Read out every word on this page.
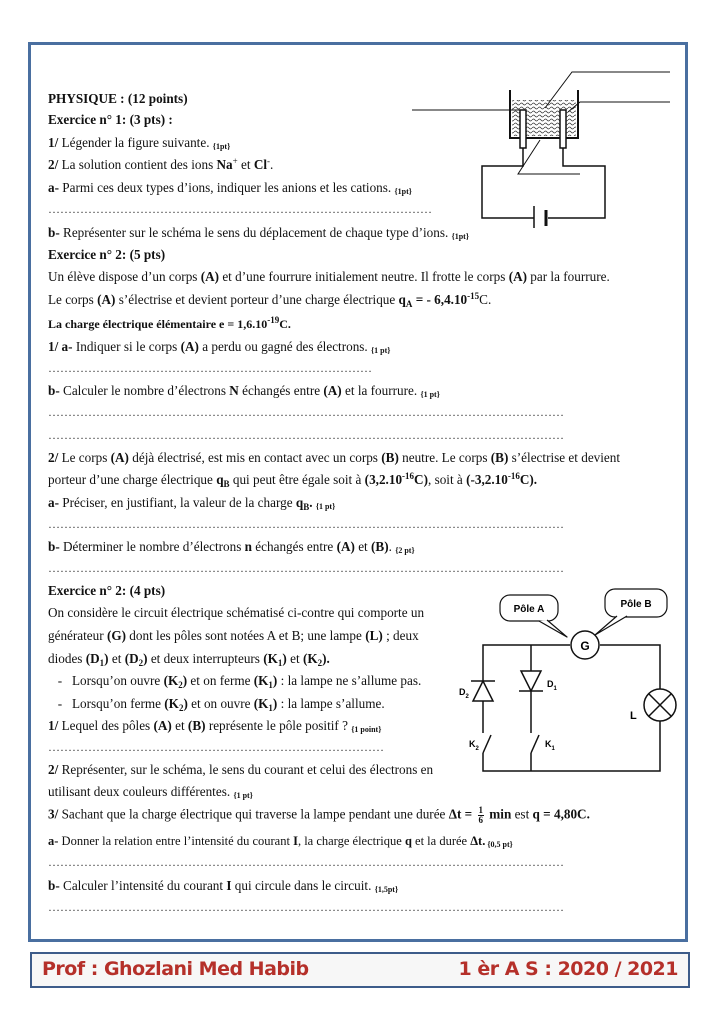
PHYSIQUE : (12 points)
Exercice n° 1: (3 pts) :
1/ Légender la figure suivante. {1pt}
2/ La solution contient des ions Na+ et Cl-.
a- Parmi ces deux types d’ions, indiquer les anions et les cations. {1pt}
……………………………………………………………………………………
b- Représenter sur le schéma le sens du déplacement de chaque type d’ions. {1pt}
Exercice n° 2: (5 pts)
Un élève dispose d’un corps (A) et d’une fourrure initialement neutre. Il frotte le corps (A) par la fourrure.
Le corps (A) s’électrise et devient porteur d’une charge électrique $q_A$ = - $6,4.10^{-15}C$.
La charge électrique élémentaire $e = 1,6.10^{-19}C$.
1/ a- Indiquer si le corps (A) a perdu ou gagné des électrons. {1 pt}
………………………………………………………………………
b- Calculer le nombre d’électrons N échangés entre (A) et la fourrure. {1 pt}
…………………………………………………………………………………………………………………
…………………………………………………………………………………………………………………
2/ Le corps (A) déjà électrisé, est mis en contact avec un corps (B) neutre. Le corps (B) s’électrise et devient
porteur d’une charge électrique $q_B$ qui peut être égale soit à $(3,2.10^{-16}C)$, soit à $(-3,2.10^{-16}C)$.
a- Préciser, en justifiant, la valeur de la charge $q_B$. {1 pt}
…………………………………………………………………………………………………………………
b- Déterminer le nombre d’électrons n échangés entre (A) et (B). {2 pt}
…………………………………………………………………………………………………………………
Exercice n° 2: (4 pts)
On considère le circuit électrique schématisé ci-contre qui comporte un
générateur (G) dont les pôles sont notées A et B; une lampe (L) ; deux
diodes $(D_1)$ et $(D_2)$ et deux interrupteurs $(K_1)$ et $(K_2)$.
- Lorsqu’on ouvre $(K_2)$ et on ferme $(K_1)$ : la lampe ne s’allume pas.
- Lorsqu’on ferme $(K_2)$ et on ouvre $(K_1)$ : la lampe s’allume.
1/ Lequel des pôles (A) et (B) représente le pôle positif ? {1 point}
…………………………………………………………………………
2/ Représenter, sur le schéma, le sens du courant et celui des électrons en
utilisant deux couleurs différentes. {1 pt}
3/ Sachant que la charge électrique qui traverse la lampe pendant une durée $\Delta t = \frac{1}{6}$ min est q = 4,80C.
a- Donner la relation entre l’intensité du courant I, la charge électrique q et la durée Δt. {0,5 pt}
…………………………………………………………………………………………………………………
b- Calculer l’intensité du courant I qui circule dans le circuit. {1,5pt}
…………………………………………………………………………………………………………………
Pôle A	Pôle B
G
$D_2$
$D_1$
$K_2$	$K_1$
L
Prof : Ghozlani Med Habib	1 èr A S : 2020 / 2021
